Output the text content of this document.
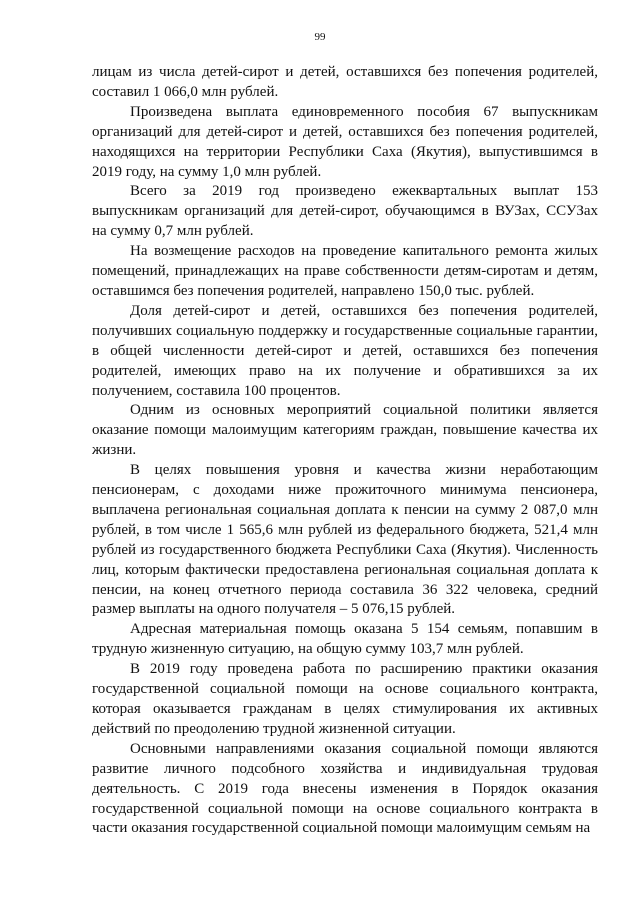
99

лицам из числа детей-сирот и детей, оставшихся без попечения родителей, составил 1 066,0 млн рублей.

Произведена выплата единовременного пособия 67 выпускникам организаций для детей-сирот и детей, оставшихся без попечения родителей, находящихся на территории Республики Саха (Якутия), выпустившимся в 2019 году, на сумму 1,0 млн рублей.

Всего за 2019 год произведено ежеквартальных выплат 153 выпускникам организаций для детей-сирот, обучающимся в ВУЗах, ССУЗах на сумму 0,7 млн рублей.

На возмещение расходов на проведение капитального ремонта жилых помещений, принадлежащих на праве собственности детям-сиротам и детям, оставшимся без попечения родителей, направлено 150,0 тыс. рублей.

Доля детей-сирот и детей, оставшихся без попечения родителей, получивших социальную поддержку и государственные социальные гарантии, в общей численности детей-сирот и детей, оставшихся без попечения родителей, имеющих право на их получение и обратившихся за их получением, составила 100 процентов.

Одним из основных мероприятий социальной политики является оказание помощи малоимущим категориям граждан, повышение качества их жизни.

В целях повышения уровня и качества жизни неработающим пенсионерам, с доходами ниже прожиточного минимума пенсионера, выплачена региональная социальная доплата к пенсии на сумму 2 087,0 млн рублей, в том числе 1 565,6 млн рублей из федерального бюджета, 521,4 млн рублей из государственного бюджета Республики Саха (Якутия). Численность лиц, которым фактически предоставлена региональная социальная доплата к пенсии, на конец отчетного периода составила 36 322 человека, средний размер выплаты на одного получателя – 5 076,15 рублей.

Адресная материальная помощь оказана 5 154 семьям, попавшим в трудную жизненную ситуацию, на общую сумму 103,7 млн рублей.

В 2019 году проведена работа по расширению практики оказания государственной социальной помощи на основе социального контракта, которая оказывается гражданам в целях стимулирования их активных действий по преодолению трудной жизненной ситуации.

Основными направлениями оказания социальной помощи являются развитие личного подсобного хозяйства и индивидуальная трудовая деятельность. С 2019 года внесены изменения в Порядок оказания государственной социальной помощи на основе социального контракта в части оказания государственной социальной помощи малоимущим семьям на
